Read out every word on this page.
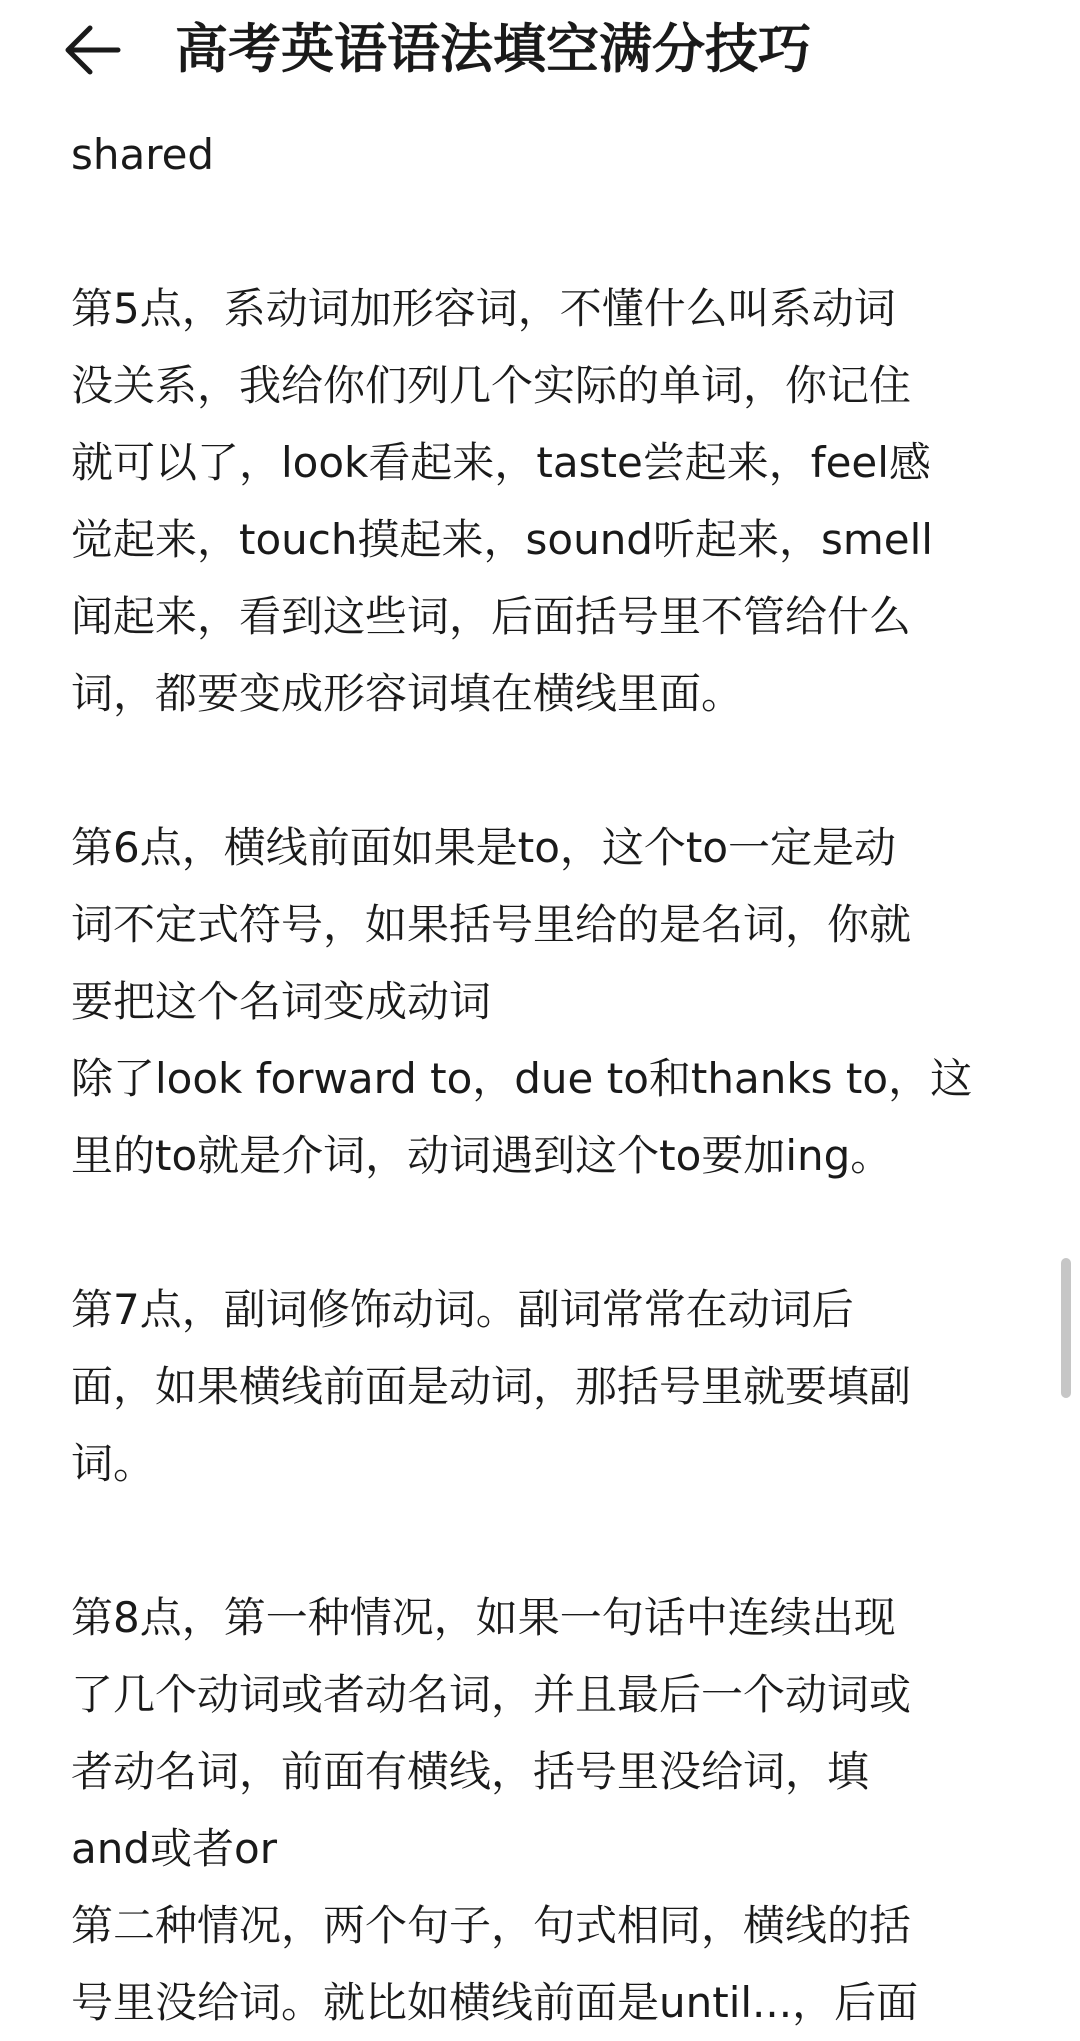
高考英语语法填空满分技巧
shared
第5点，系动词加形容词，不懂什么叫系动词
没关系，我给你们列几个实际的单词，你记住
就可以了，look看起来，taste尝起来，feel感
觉起来，touch摸起来，sound听起来，smell
闻起来，看到这些词，后面括号里不管给什么
词，都要变成形容词填在横线里面。
第6点，横线前面如果是to，这个to一定是动
词不定式符号，如果括号里给的是名词，你就
要把这个名词变成动词
除了look forward to，due to和thanks to，这
里的to就是介词，动词遇到这个to要加ing。
第7点，副词修饰动词。副词常常在动词后
面，如果横线前面是动词，那括号里就要填副
词。
第8点，第一种情况，如果一句话中连续出现
了几个动词或者动名词，并且最后一个动词或
者动名词，前面有横线，括号里没给词，填
and或者or
第二种情况，两个句子，句式相同，横线的括
号里没给词。就比如横线前面是until...，后面
